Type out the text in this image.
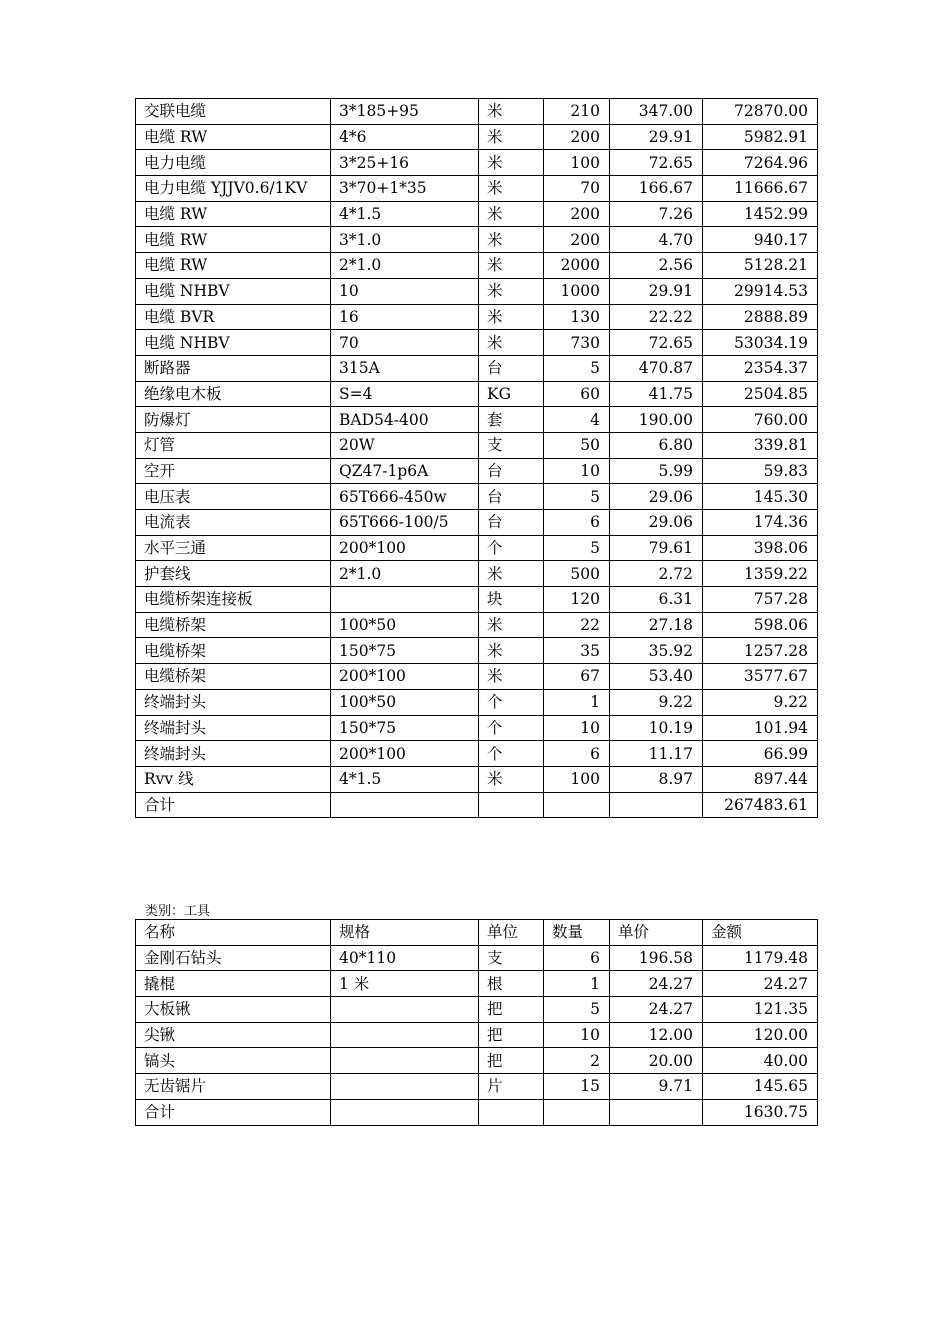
交联电缆	3*185+95	米	210	347.00	72870.00
电缆 RW	4*6	米	200	29.91	5982.91
电力电缆	3*25+16	米	100	72.65	7264.96
电力电缆 YJJV0.6/1KV	3*70+1*35	米	70	166.67	11666.67
电缆 RW	4*1.5	米	200	7.26	1452.99
电缆 RW	3*1.0	米	200	4.70	940.17
电缆 RW	2*1.0	米	2000	2.56	5128.21
电缆 NHBV	10	米	1000	29.91	29914.53
电缆 BVR	16	米	130	22.22	2888.89
电缆 NHBV	70	米	730	72.65	53034.19
断路器	315A	台	5	470.87	2354.37
绝缘电木板	S=4	KG	60	41.75	2504.85
防爆灯	BAD54-400	套	4	190.00	760.00
灯管	20W	支	50	6.80	339.81
空开	QZ47-1p6A	台	10	5.99	59.83
电压表	65T666-450w	台	5	29.06	145.30
电流表	65T666-100/5	台	6	29.06	174.36
水平三通	200*100	个	5	79.61	398.06
护套线	2*1.0	米	500	2.72	1359.22
电缆桥架连接板		块	120	6.31	757.28
电缆桥架	100*50	米	22	27.18	598.06
电缆桥架	150*75	米	35	35.92	1257.28
电缆桥架	200*100	米	67	53.40	3577.67
终端封头	100*50	个	1	9.22	9.22
终端封头	150*75	个	10	10.19	101.94
终端封头	200*100	个	6	11.17	66.99
Rvv 线	4*1.5	米	100	8.97	897.44
合计					267483.61
类别：工具
名称	规格	单位	数量	单价	金额
金刚石钻头	40*110	支	6	196.58	1179.48
撬棍	1 米	根	1	24.27	24.27
大板锹		把	5	24.27	121.35
尖锹		把	10	12.00	120.00
镐头		把	2	20.00	40.00
无齿锯片		片	15	9.71	145.65
合计					1630.75
